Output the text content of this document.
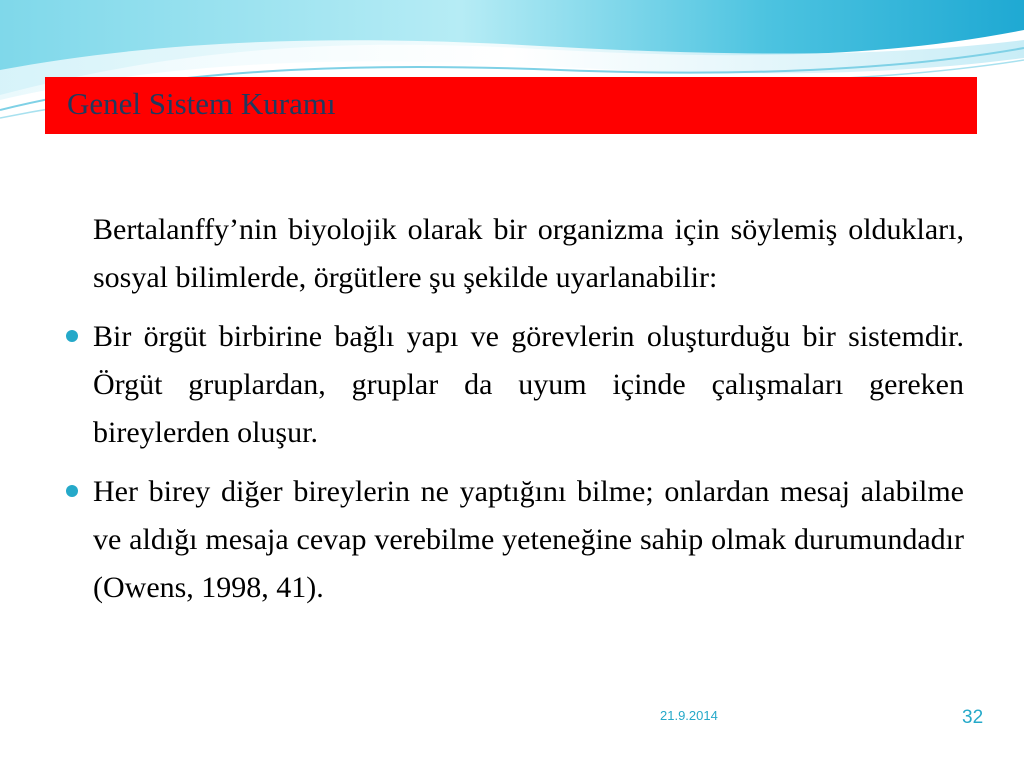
Genel Sistem Kuramı

Bertalanffy’nin biyolojik olarak bir organizma için söylemiş oldukları, sosyal bilimlerde, örgütlere şu şekilde uyarlanabilir:

Bir örgüt birbirine bağlı yapı ve görevlerin oluşturduğu bir sistemdir. Örgüt gruplardan, gruplar da uyum içinde çalışmaları gereken bireylerden oluşur.
Her birey diğer bireylerin ne yaptığını bilme; onlardan mesaj alabilme ve aldığı mesaja cevap verebilme yeteneğine sahip olmak durumundadır (Owens, 1998, 41).
21.9.2014	32
